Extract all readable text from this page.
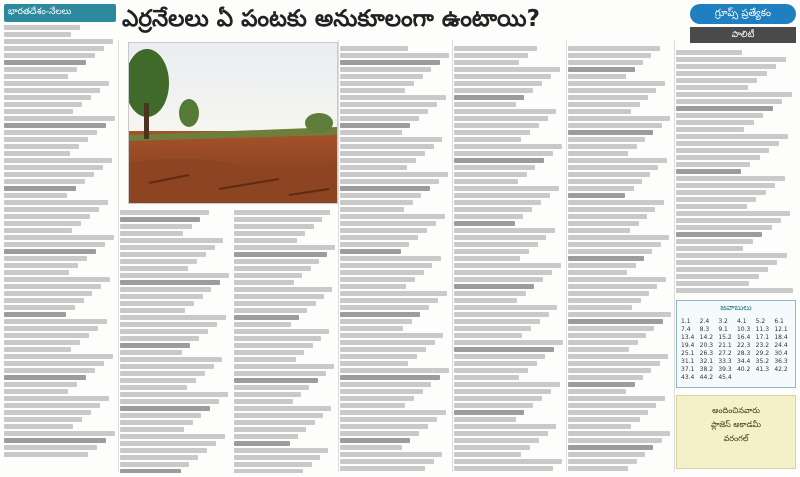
భారతదేశం-నేలలు	ఎర్రనేలలు ఏ పంటకు అనుకూలంగా ఉంటాయి?	గ్రూప్స్ ప్రత్యేకం
పాలిటీ
జవాబులు
1.1	2.4	3.2	4.1	5.2	6.1
7.4	8.3	9.1	10.3 11.3 12.1
13.4 14.2 15.2 16.4 17.1 18.4
19.4 20.3 21.1 22.3 23.2 24.4
25.1 26.3 27.2 28.3 29.2 30.4
31.1 32.1 33.3 34.4 35.2 36.3
37.1 38.2 39.3 40.2 41.3 42.2
43.4 44.2 45.4
అందించినవారు
ప్లాజెస్ అకాడమీ
వరంగల్
